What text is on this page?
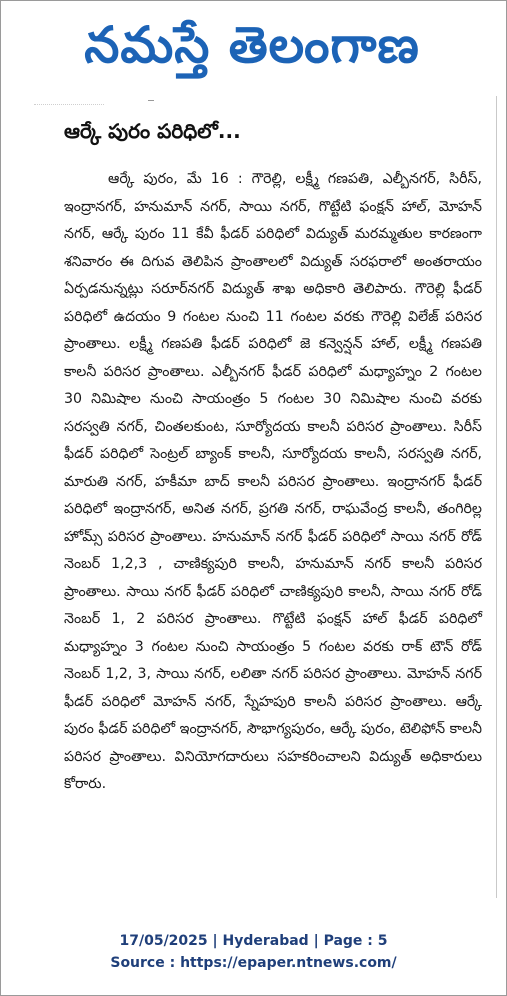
నమస్తే తెలంగాణ
ఆర్కే పురం పరిధిలో...

ఆర్కే పురం, మే 16 : గౌరెల్లి, లక్ష్మీ గణపతి, ఎల్బీనగర్, సిరీస్, ఇంద్రానగర్, హనుమాన్ నగర్, సాయి నగర్, గొట్టేటి ఫంక్షన్ హాల్, మోహన్ నగర్, ఆర్కే పురం 11 కేవీ ఫీడర్ పరిధిలో విద్యుత్ మరమ్మతుల కారణంగా శనివారం ఈ దిగువ తెలిపిన ప్రాంతాలలో విద్యుత్ సరఫరాలో అంతరాయం ఏర్పడనున్నట్లు సరూర్‌నగర్ విద్యుత్ శాఖ అధికారి తెలిపారు. గౌరెల్లి ఫీడర్ పరిధిలో ఉదయం 9 గంటల నుంచి 11 గంటల వరకు గౌరెల్లి విలేజ్ పరిసర ప్రాంతాలు. లక్ష్మీ గణపతి ఫీడర్ పరిధిలో జె కన్వెన్షన్ హాల్, లక్ష్మీ గణపతి కాలనీ పరిసర ప్రాంతాలు. ఎల్బీనగర్ ఫీడర్ పరిధిలో మధ్యాహ్నం 2 గంటల 30 నిమిషాల నుంచి సాయంత్రం 5 గంటల 30 నిమిషాల నుంచి వరకు సరస్వతి నగర్, చింతలకుంట, సూర్యోదయ కాలనీ పరిసర ప్రాంతాలు. సిరీస్ ఫీడర్ పరిధిలో సెంట్రల్ బ్యాంక్ కాలనీ, సూర్యోదయ కాలనీ, సరస్వతి నగర్, మారుతి నగర్, హకీమా బాద్ కాలనీ పరిసర ప్రాంతాలు. ఇంద్రానగర్ ఫీడర్ పరిధిలో ఇంద్రానగర్, అనిత నగర్, ప్రగతి నగర్, రాఘవేంద్ర కాలనీ, తంగిరిల్ల హోమ్స్ పరిసర ప్రాంతాలు. హనుమాన్ నగర్ ఫీడర్ పరిధిలో సాయి నగర్ రోడ్ నెంబర్ 1,2,3 , చాణిక్యపురి కాలనీ, హనుమాన్ నగర్ కాలనీ పరిసర ప్రాంతాలు. సాయి నగర్ ఫీడర్ పరిధిలో చాణిక్యపురి కాలనీ, సాయి నగర్ రోడ్ నెంబర్ 1, 2 పరిసర ప్రాంతాలు. గొట్టేటి ఫంక్షన్ హాల్ ఫీడర్ పరిధిలో మధ్యాహ్నం 3 గంటల నుంచి సాయంత్రం 5 గంటల వరకు రాక్ టౌన్ రోడ్ నెంబర్ 1,2, 3, సాయి నగర్, లలితా నగర్ పరిసర ప్రాంతాలు. మోహన్ నగర్ ఫీడర్ పరిధిలో మోహన్ నగర్, స్నేహపురి కాలనీ పరిసర ప్రాంతాలు. ఆర్కే పురం ఫీడర్ పరిధిలో ఇంద్రానగర్, సౌభాగ్యపురం, ఆర్కే పురం, టెలిఫోన్ కాలనీ పరిసర ప్రాంతాలు. వినియోగదారులు సహకరించాలని విద్యుత్ అధికారులు కోరారు.

17/05/2025 | Hyderabad | Page : 5
Source : https://epaper.ntnews.com/
